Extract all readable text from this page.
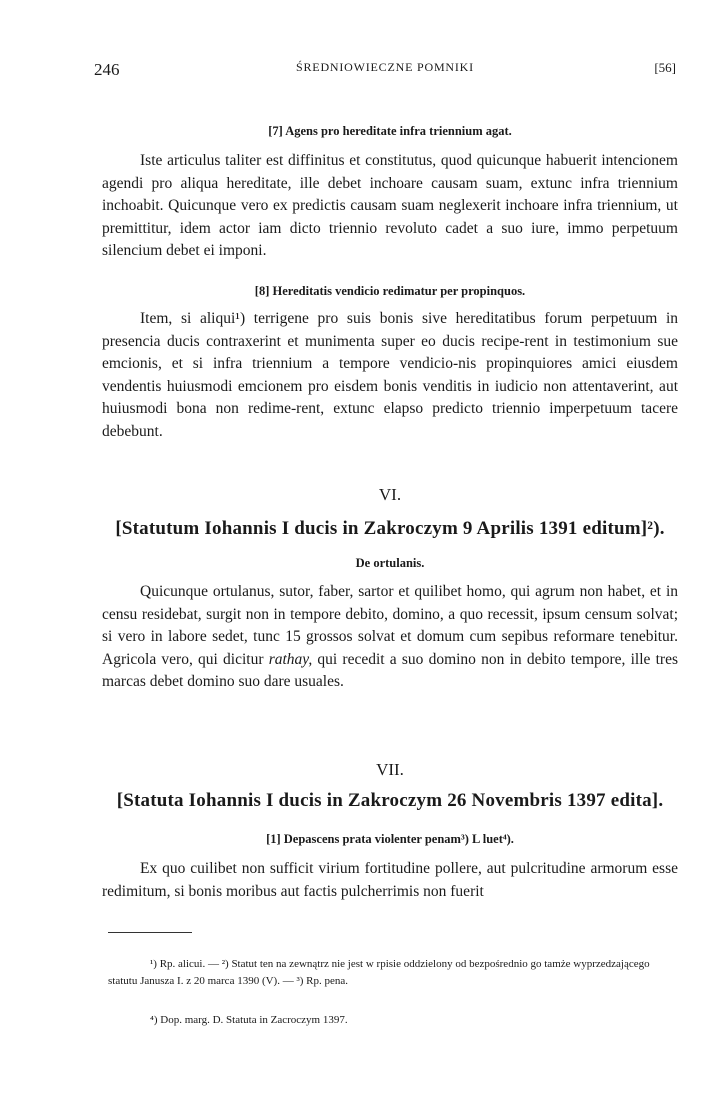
246	ŚREDNIOWIECZNE POMNIKI	[56]
[7] Agens pro hereditate infra triennium agat.

Iste articulus taliter est diffinitus et constitutus, quod quicunque habuerit intencionem agendi pro aliqua hereditate, ille debet inchoare causam suam, extunc infra triennium inchoabit. Quicunque vero ex predictis causam suam neglexerit inchoare infra triennium, ut premittitur, idem actor iam dicto triennio revoluto cadet a suo iure, immo perpetuum silencium debet ei imponi.

[8] Hereditatis vendicio redimatur per propinquos.

Item, si aliqui¹) terrigene pro suis bonis sive hereditatibus forum perpetuum in presencia ducis contraxerint et munimenta super eo ducis recipe-rent in testimonium sue emcionis, et si infra triennium a tempore vendicio-nis propinquiores amici eiusdem vendentis huiusmodi emcionem pro eisdem bonis venditis in iudicio non attentaverint, aut huiusmodi bona non redime-rent, extunc elapso predicto triennio imperpetuum tacere debebunt.

VI.
[Statutum Iohannis I ducis in Zakroczym 9 Aprilis 1391 editum]²).
De ortulanis.

Quicunque ortulanus, sutor, faber, sartor et quilibet homo, qui agrum non habet, et in censu residebat, surgit non in tempore debito, domino, a quo recessit, ipsum censum solvat; si vero in labore sedet, tunc 15 grossos solvat et domum cum sepibus reformare tenebitur. Agricola vero, qui dicitur rathay, qui recedit a suo domino non in debito tempore, ille tres marcas debet domino suo dare usuales.

VII.
[Statuta Iohannis I ducis in Zakroczym 26 Novembris 1397 edita].
[1] Depascens prata violenter penam³) L luet⁴).

Ex quo cuilibet non sufficit virium fortitudine pollere, aut pulcritudine armorum esse redimitum, si bonis moribus aut factis pulcherrimis non fuerit

¹) Rp. alicui. — ²) Statut ten na zewnątrz nie jest w rpisie oddzielony od bezpośrednio go tamże wyprzedzającego statutu Janusza I. z 20 marca 1390 (V). — ³) Rp. pena.
⁴) Dop. marg. D. Statuta in Zacroczym 1397.
